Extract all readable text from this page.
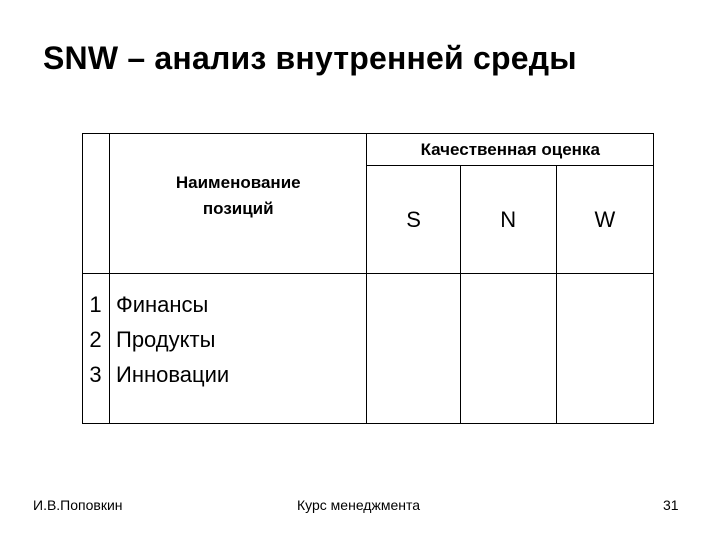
SNW – анализ внутренней среды

	Наименование
позиций	Качественная оценка		
		S	N	W

1 Финансы
2 Продукты
3 Инновации				

И.В.Поповкин	Курс менеджмента	31
